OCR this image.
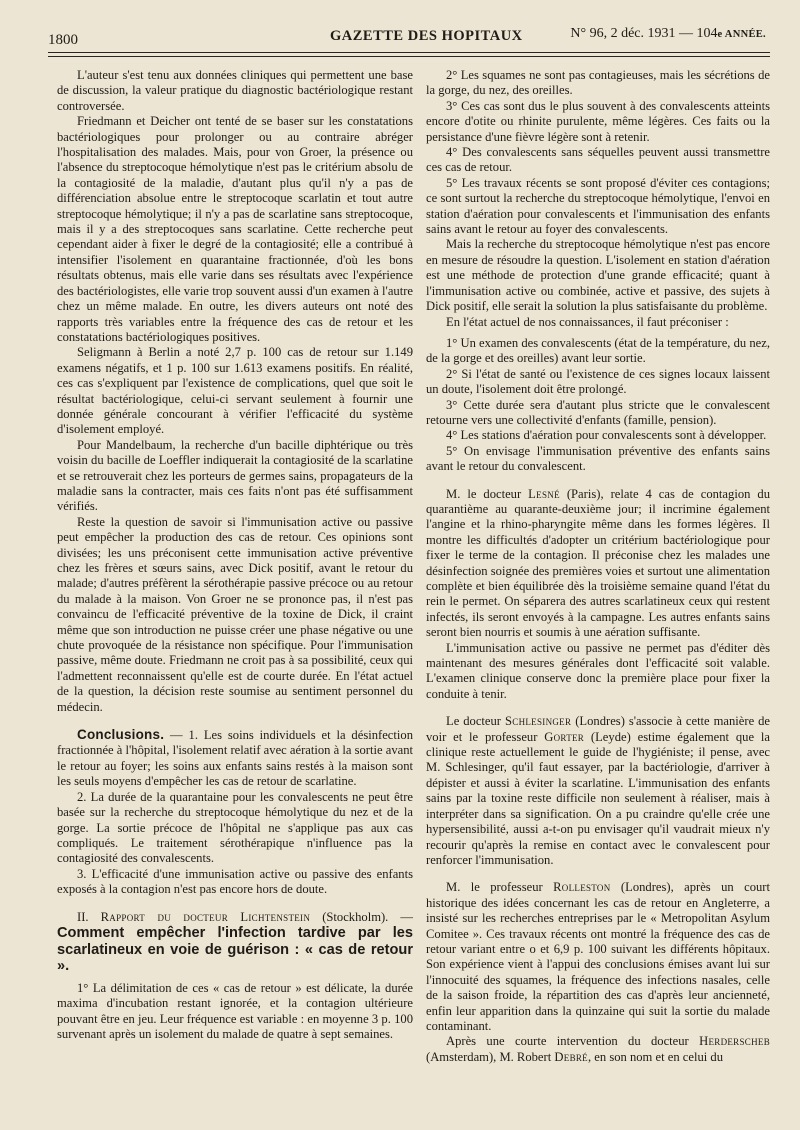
1800	GAZETTE DES HOPITAUX	N° 96, 2 déc. 1931 — 104e ANNÉE.

L'auteur s'est tenu aux données cliniques qui permettent une base de discussion, la valeur pratique du diagnostic bactériologique restant controversée.

Friedmann et Deicher ont tenté de se baser sur les constatations bactériologiques pour prolonger ou au contraire abréger l'hospitalisation des malades. Mais, pour von Groer, la présence ou l'absence du streptocoque hémolytique n'est pas le critérium absolu de la contagiosité de la maladie, d'autant plus qu'il n'y a pas de différenciation absolue entre le streptocoque scarlatin et tout autre streptocoque hémolytique; il n'y a pas de scarlatine sans streptocoque, mais il y a des streptocoques sans scarlatine. Cette recherche peut cependant aider à fixer le degré de la contagiosité; elle a contribué à intensifier l'isolement en quarantaine fractionnée, d'où les bons résultats obtenus, mais elle varie dans ses résultats avec l'expérience des bactériologistes, elle varie trop souvent aussi d'un examen à l'autre chez un même malade. En outre, les divers auteurs ont noté des rapports très variables entre la fréquence des cas de retour et les constatations bactériologiques positives.

Seligmann à Berlin a noté 2,7 p. 100 cas de retour sur 1.149 examens négatifs, et 1 p. 100 sur 1.613 examens positifs. En réalité, ces cas s'expliquent par l'existence de complications, quel que soit le résultat bactériologique, celui-ci servant seulement à fournir une donnée générale concourant à vérifier l'efficacité du système d'isolement employé.

Pour Mandelbaum, la recherche d'un bacille diphtérique ou très voisin du bacille de Loeffler indiquerait la contagiosité de la scarlatine et se retrouverait chez les porteurs de germes sains, propagateurs de la maladie sans la contracter, mais ces faits n'ont pas été suffisamment vérifiés.

Reste la question de savoir si l'immunisation active ou passive peut empêcher la production des cas de retour. Ces opinions sont divisées; les uns préconisent cette immunisation active préventive chez les frères et sœurs sains, avec Dick positif, avant le retour du malade; d'autres préfèrent la sérothérapie passive précoce ou au retour du malade à la maison. Von Groer ne se prononce pas, il n'est pas convaincu de l'efficacité préventive de la toxine de Dick, il craint même que son introduction ne puisse créer une phase négative ou une chute provoquée de la résistance non spécifique. Pour l'immunisation passive, même doute. Friedmann ne croit pas à sa possibilité, ceux qui l'admettent reconnaissent qu'elle est de courte durée. En l'état actuel de la question, la décision reste soumise au sentiment personnel du médecin.

Conclusions. — 1. Les soins individuels et la désinfection fractionnée à l'hôpital, l'isolement relatif avec aération à la sortie avant le retour au foyer; les soins aux enfants sains restés à la maison sont les seuls moyens d'empêcher les cas de retour de scarlatine.

2. La durée de la quarantaine pour les convalescents ne peut être basée sur la recherche du streptocoque hémolytique du nez et de la gorge. La sortie précoce de l'hôpital ne s'applique pas aux cas compliqués. Le traitement sérothérapique n'influence pas la contagiosité des convalescents.

3. L'efficacité d'une immunisation active ou passive des enfants exposés à la contagion n'est pas encore hors de doute.

II. Rapport du docteur Lichtenstein (Stockholm). — Comment empêcher l'infection tardive par les scarlatineux en voie de guérison : « cas de retour ».

1° La délimitation de ces « cas de retour » est délicate, la durée maxima d'incubation restant ignorée, et la contagion ultérieure pouvant être en jeu. Leur fréquence est variable : en moyenne 3 p. 100 survenant après un isolement du malade de quatre à sept semaines.

2° Les squames ne sont pas contagieuses, mais les sécrétions de la gorge, du nez, des oreilles.

3° Ces cas sont dus le plus souvent à des convalescents atteints encore d'otite ou rhinite purulente, même légères. Ces faits ou la persistance d'une fièvre légère sont à retenir.

4° Des convalescents sans séquelles peuvent aussi transmettre ces cas de retour.

5° Les travaux récents se sont proposé d'éviter ces contagions; ce sont surtout la recherche du streptocoque hémolytique, l'envoi en station d'aération pour convalescents et l'immunisation des enfants sains avant le retour au foyer des convalescents.

Mais la recherche du streptocoque hémolytique n'est pas encore en mesure de résoudre la question. L'isolement en station d'aération est une méthode de protection d'une grande efficacité; quant à l'immunisation active ou combinée, active et passive, des sujets à Dick positif, elle serait la solution la plus satisfaisante du problème.

En l'état actuel de nos connaissances, il faut préconiser :

1° Un examen des convalescents (état de la température, du nez, de la gorge et des oreilles) avant leur sortie.

2° Si l'état de santé ou l'existence de ces signes locaux laissent un doute, l'isolement doit être prolongé.

3° Cette durée sera d'autant plus stricte que le convalescent retourne vers une collectivité d'enfants (famille, pension).

4° Les stations d'aération pour convalescents sont à développer.

5° On envisage l'immunisation préventive des enfants sains avant le retour du convalescent.

M. le docteur Lesné (Paris), relate 4 cas de contagion du quarantième au quarante-deuxième jour; il incrimine également l'angine et la rhino-pharyngite même dans les formes légères. Il montre les difficultés d'adopter un critérium bactériologique pour fixer le terme de la contagion. Il préconise chez les malades une désinfection soignée des premières voies et surtout une alimentation complète et bien équilibrée dès la troisième semaine quand l'état du rein le permet. On séparera des autres scarlatineux ceux qui restent infectés, ils seront envoyés à la campagne. Les autres enfants sains seront bien nourris et soumis à une aération suffisante.

L'immunisation active ou passive ne permet pas d'éditer dès maintenant des mesures générales dont l'efficacité soit valable. L'examen clinique conserve donc la première place pour fixer la conduite à tenir.

Le docteur Schlesinger (Londres) s'associe à cette manière de voir et le professeur Gorter (Leyde) estime également que la clinique reste actuellement le guide de l'hygiéniste; il pense, avec M. Schlesinger, qu'il faut essayer, par la bactériologie, d'arriver à dépister et aussi à éviter la scarlatine. L'immunisation des enfants sains par la toxine reste difficile non seulement à réaliser, mais à interpréter dans sa signification. On a pu craindre qu'elle crée une hypersensibilité, aussi a-t-on pu envisager qu'il vaudrait mieux n'y recourir qu'après la remise en contact avec le convalescent pour renforcer l'immunisation.

M. le professeur Rolleston (Londres), après un court historique des idées concernant les cas de retour en Angleterre, a insisté sur les recherches entreprises par le « Metropolitan Asylum Comitee ». Ces travaux récents ont montré la fréquence des cas de retour variant entre o et 6,9 p. 100 suivant les différents hôpitaux. Son expérience vient à l'appui des conclusions émises avant lui sur l'innocuité des squames, la fréquence des infections nasales, celle de la saison froide, la répartition des cas d'après leur ancienneté, enfin leur apparition dans la quinzaine qui suit la sortie du malade contaminant.

Après une courte intervention du docteur Herderscheb (Amsterdam), M. Robert Debré, en son nom et en celui du
